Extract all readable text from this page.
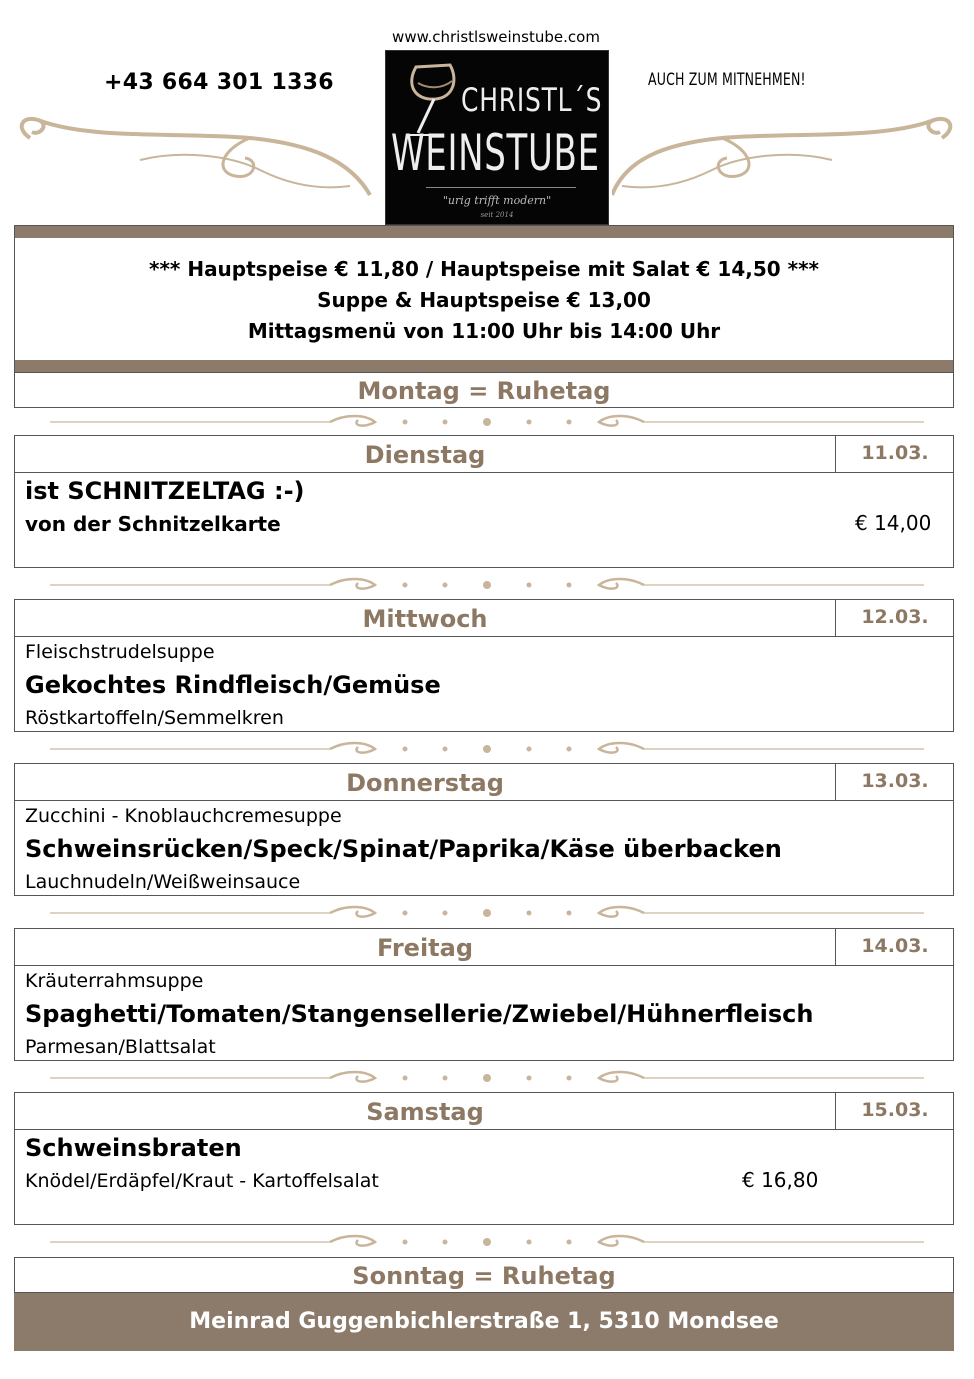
www.christlsweinstube.com
+43 664 301 1336	AUCH ZUM MITNEHMEN!
CHRISTL´S
WEINSTUBE
"urig trifft modern"
seit 2014
*** Hauptspeise € 11,80 / Hauptspeise mit Salat € 14,50 ***
Suppe & Hauptspeise € 13,00
Mittagsmenü von 11:00 Uhr bis 14:00 Uhr
Montag = Ruhetag
Dienstag	11.03.
ist SCHNITZELTAG :-)
von der Schnitzelkarte	€ 14,00
Mittwoch	12.03.
Fleischstrudelsuppe
Gekochtes Rindfleisch/Gemüse
Röstkartoffeln/Semmelkren
Donnerstag	13.03.
Zucchini - Knoblauchcremesuppe
Schweinsrücken/Speck/Spinat/Paprika/Käse überbacken
Lauchnudeln/Weißweinsauce
Freitag	14.03.
Kräuterrahmsuppe
Spaghetti/Tomaten/Stangensellerie/Zwiebel/Hühnerfleisch
Parmesan/Blattsalat
Samstag	15.03.
Schweinsbraten
Knödel/Erdäpfel/Kraut - Kartoffelsalat	€ 16,80
Sonntag = Ruhetag
Meinrad Guggenbichlerstraße 1, 5310 Mondsee
